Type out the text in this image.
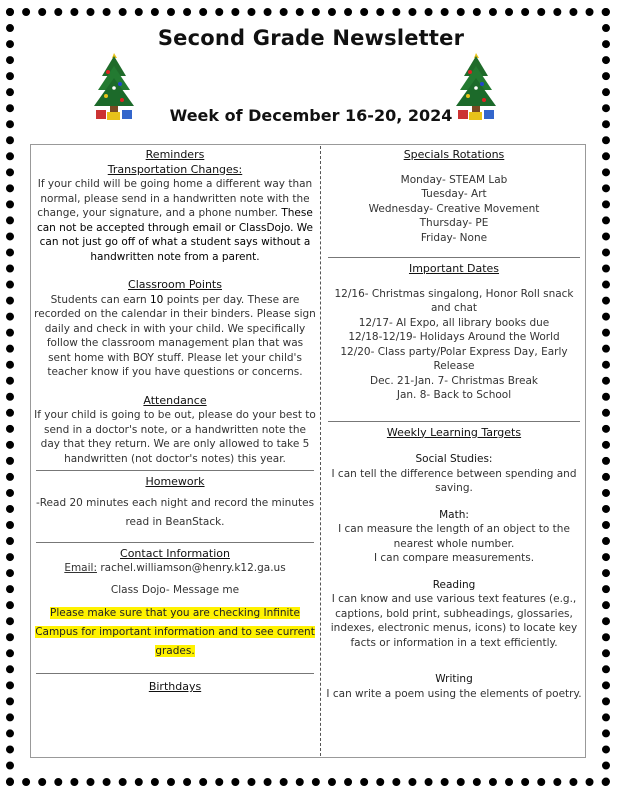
Second Grade Newsletter
Week of December 16-20, 2024

Reminders

Transportation Changes:

If your child will be going home a different way than normal, please send in a handwritten note with the change, your signature, and a phone number. These can not be accepted through email or ClassDojo. We can not just go off of what a student says without a handwritten note from a parent.

Classroom Points

Students can earn 10 points per day. These are recorded on the calendar in their binders. Please sign daily and check in with your child. We specifically follow the classroom management plan that was sent home with BOY stuff. Please let your child's teacher know if you have questions or concerns.

Attendance

If your child is going to be out, please do your best to send in a doctor's note, or a handwritten note the day that they return. We are only allowed to take 5 handwritten (not doctor's notes) this year.

Homework

-Read 20 minutes each night and record the minutes read in BeanStack.

Contact Information

Email: rachel.williamson@henry.k12.ga.us

Class Dojo- Message me

Please make sure that you are checking Infinite Campus for important information and to see current grades.

Birthdays

Specials Rotations

Monday- STEAM Lab

Tuesday- Art

Wednesday- Creative Movement

Thursday- PE

Friday- None

Important Dates

12/16- Christmas singalong, Honor Roll snack and chat

12/17- AI Expo, all library books due

12/18-12/19- Holidays Around the World

12/20- Class party/Polar Express Day, Early Release

Dec. 21-Jan. 7- Christmas Break

Jan. 8- Back to School

Weekly Learning Targets

Social Studies:

I can tell the difference between spending and saving.

Math:

I can measure the length of an object to the nearest whole number.

I can compare measurements.

Reading

I can know and use various text features (e.g., captions, bold print, subheadings, glossaries, indexes, electronic menus, icons) to locate key facts or information in a text efficiently.

Writing

I can write a poem using the elements of poetry.
